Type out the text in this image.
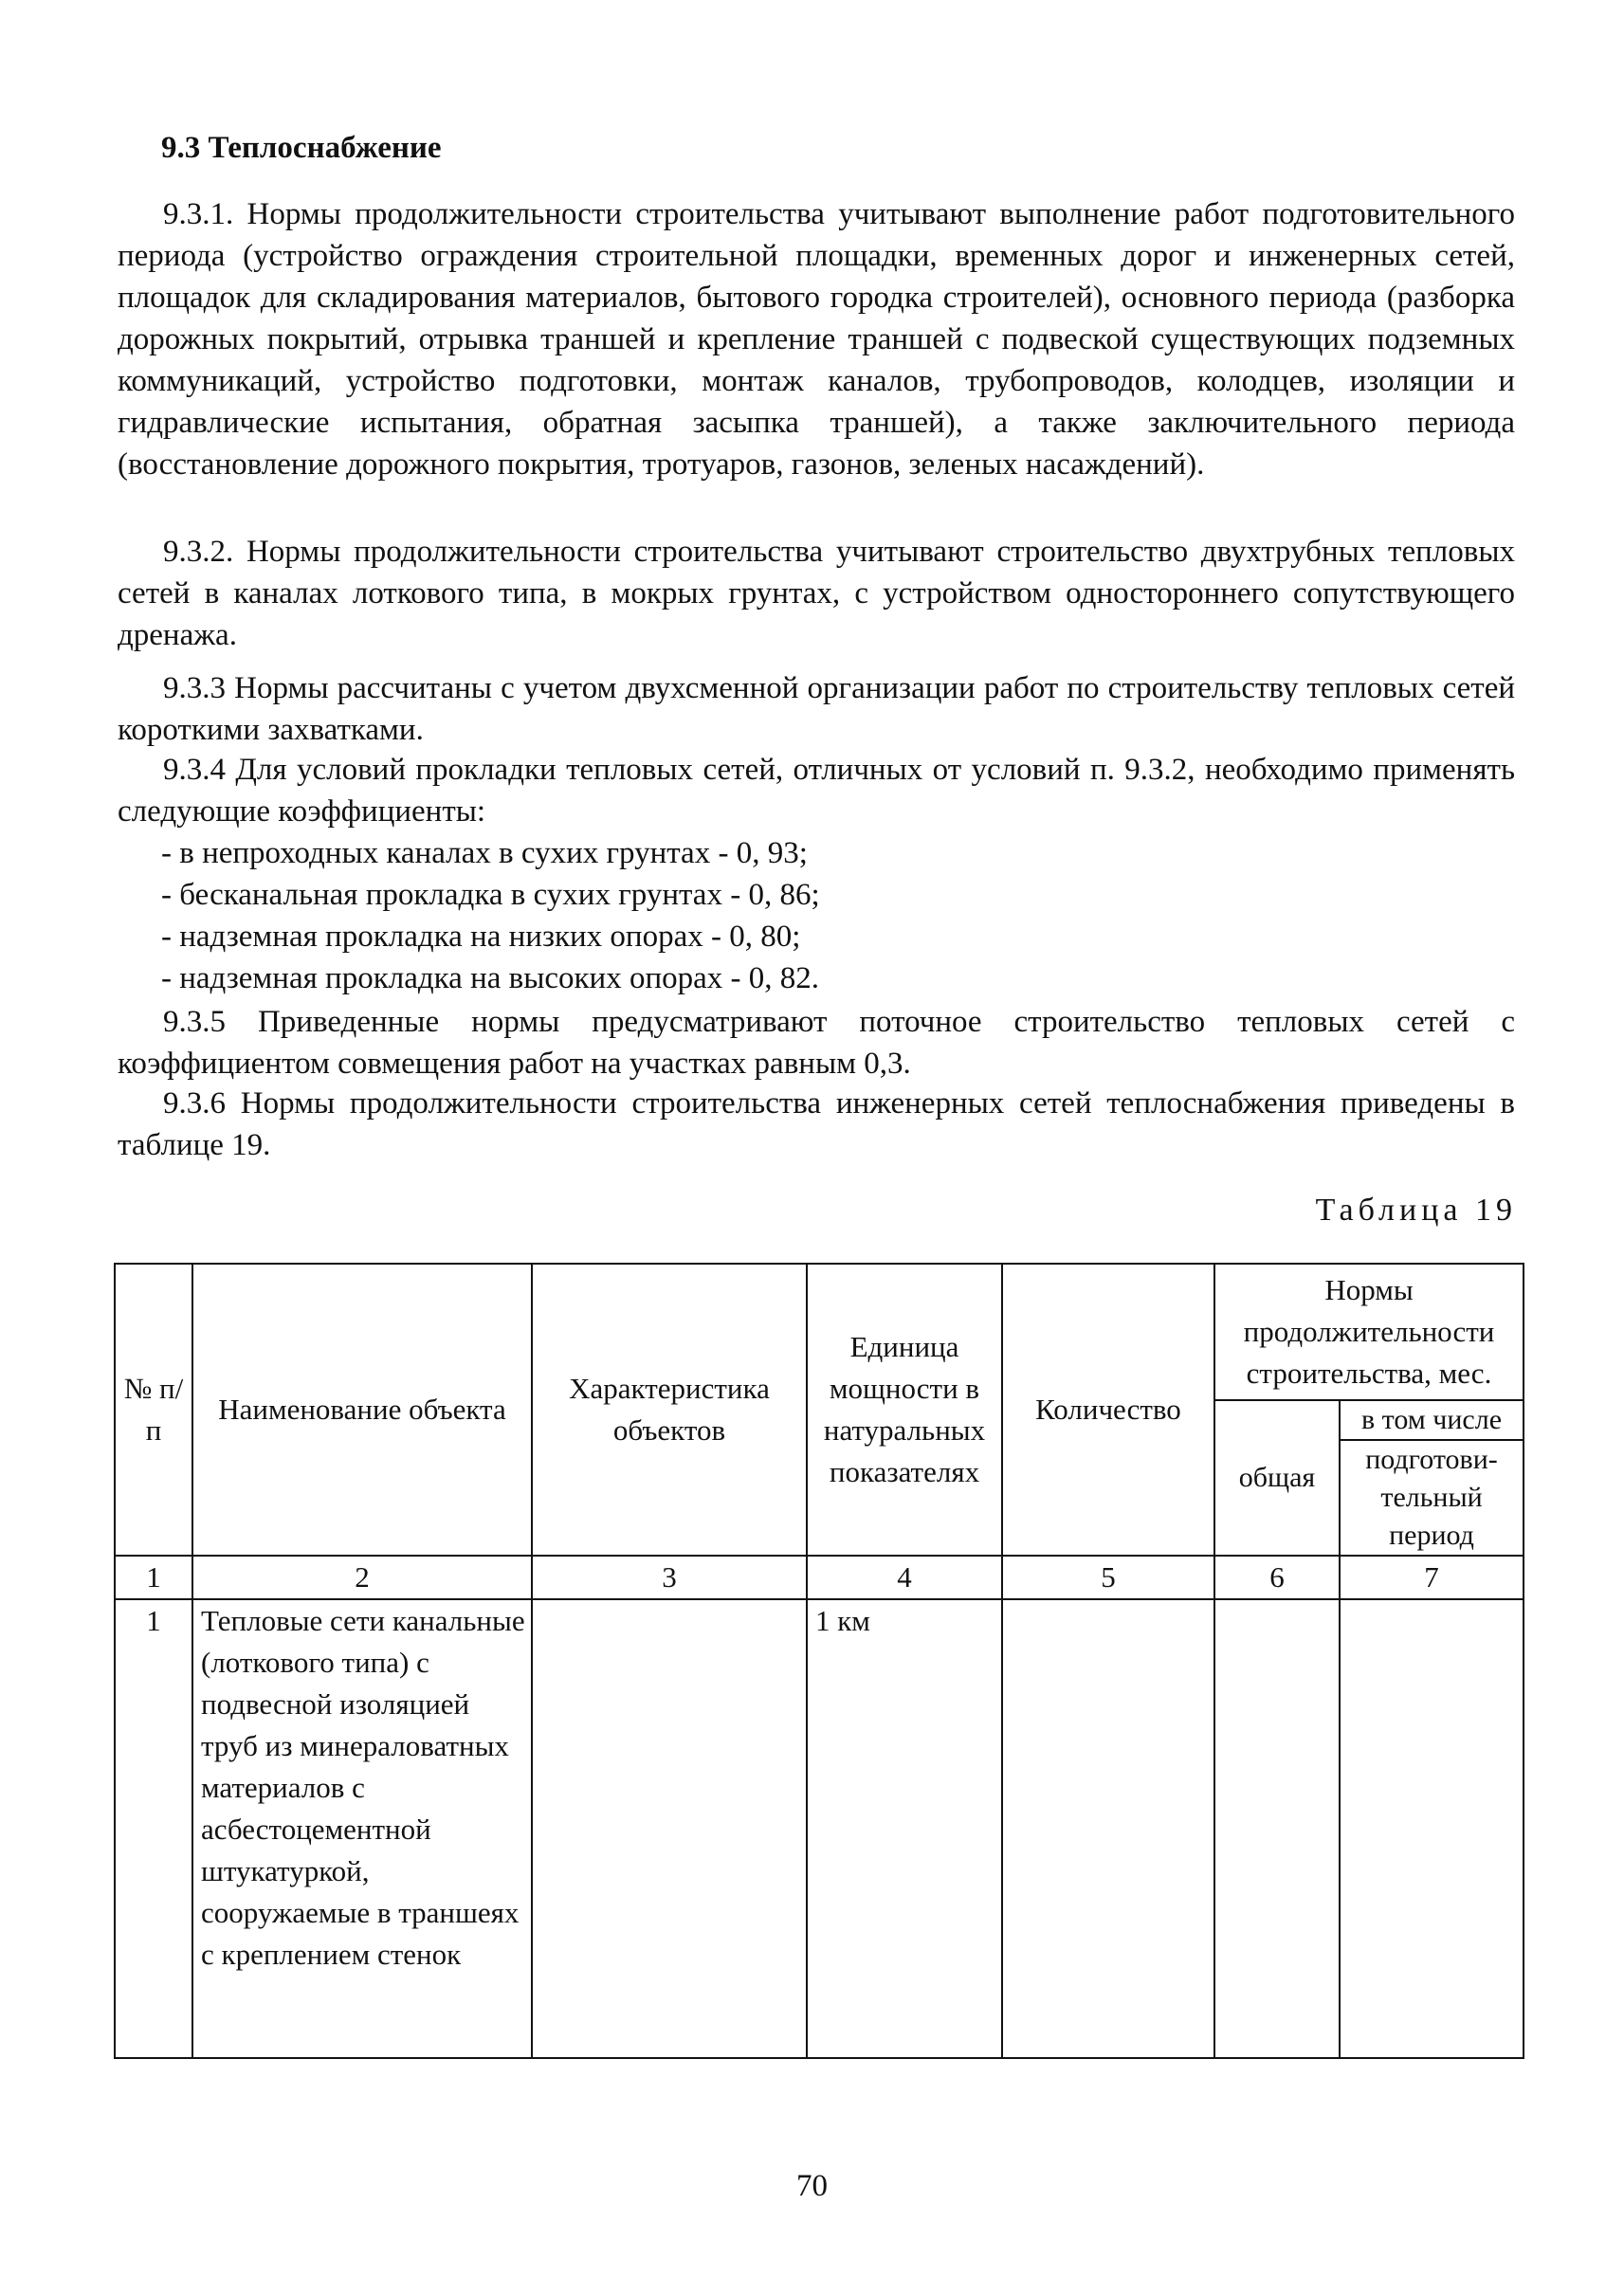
9.3 Теплоснабжение

9.3.1. Нормы продолжительности строительства учитывают выполнение работ подготовительного периода (устройство ограждения строительной площадки, временных дорог и инженерных сетей, площадок для складирования материалов, бытового городка строителей), основного периода (разборка дорожных покрытий, отрывка траншей и крепление траншей с подвеской существующих подземных коммуникаций, устройство подготовки, монтаж каналов, трубопроводов, колодцев, изоляции и гидравлические испытания, обратная засыпка траншей), а также заключительного периода (восстановление дорожного покрытия, тротуаров, газонов, зеленых насаждений).

9.3.2. Нормы продолжительности строительства учитывают строительство двухтрубных тепловых сетей в каналах лоткового типа, в мокрых грунтах, с устройством одностороннего сопутствующего дренажа.

9.3.3 Нормы рассчитаны с учетом двухсменной организации работ по строительству тепловых сетей короткими захватками.

9.3.4 Для условий прокладки тепловых сетей, отличных от условий п. 9.3.2, необходимо применять следующие коэффициенты:

- в непроходных каналах в сухих грунтах - 0, 93;
- бесканальная прокладка в сухих грунтах - 0, 86;
- надземная прокладка на низких опорах - 0, 80;
- надземная прокладка на высоких опорах - 0, 82.

9.3.5 Приведенные нормы предусматривают поточное строительство тепловых сетей с коэффициентом совмещения работ на участках равным 0,3.

9.3.6 Нормы продолжительности строительства инженерных сетей теплоснабжения приведены в таблице 19.

Таблица 19
№ п/п	Наименование объекта	Характеристика объектов	Единица мощности в натуральных показателях	Количество	Нормы продолжительности строительства, мес.	
					общая	в том числе
						подготови-тельный период
1	2	3	4	5	6	7
1	Тепловые сети канальные (лоткового типа) с подвесной изоляцией труб из минераловатных материалов с асбестоцементной штукатуркой, сооружаемые в траншеях с креплением стенок		1 км			
70
